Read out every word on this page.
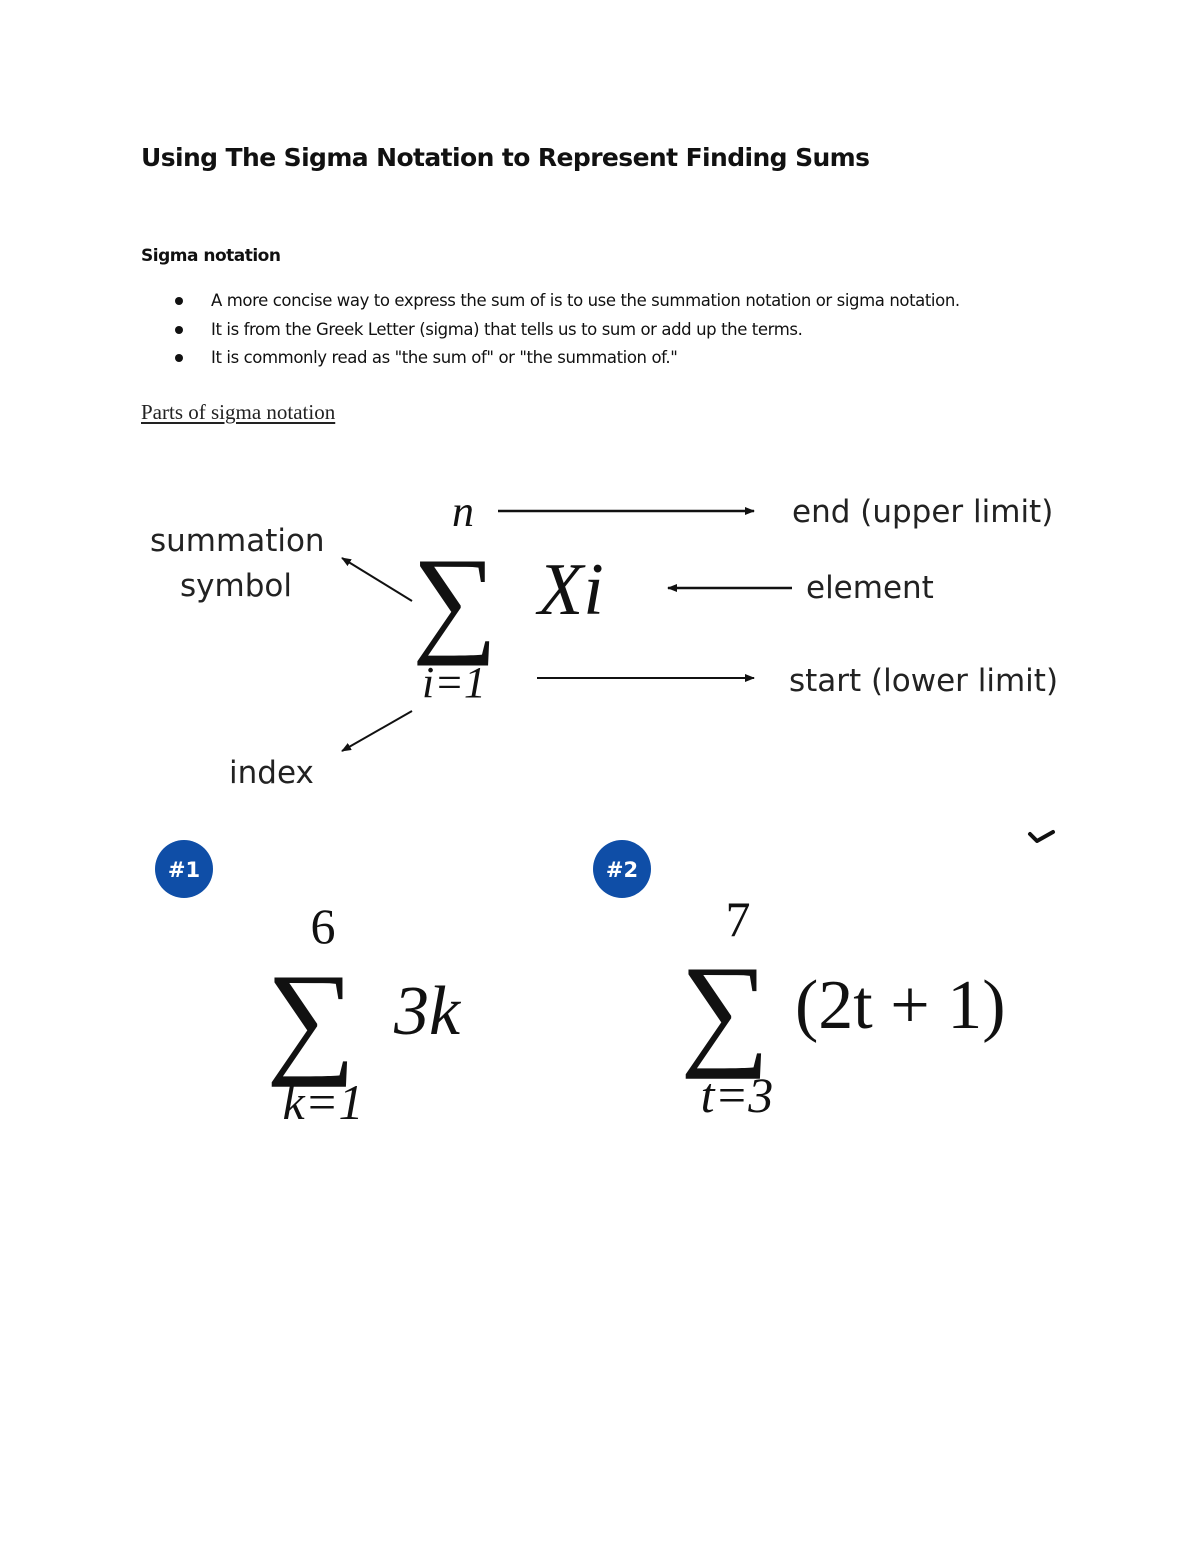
Using The Sigma Notation to Represent Finding Sums
Sigma notation
A more concise way to express the sum of is to use the summation notation or sigma notation.
It is from the Greek Letter (sigma) that tells us to sum or add up the terms.
It is commonly read as "the sum of" or "the summation of."
Parts of sigma notation
summation
symbol
end (upper limit)
element
start (lower limit)
index
n
∑ Xi
i=1
#1
6
∑ 3k
k=1
#2
7
∑ (2t + 1)
t=3
